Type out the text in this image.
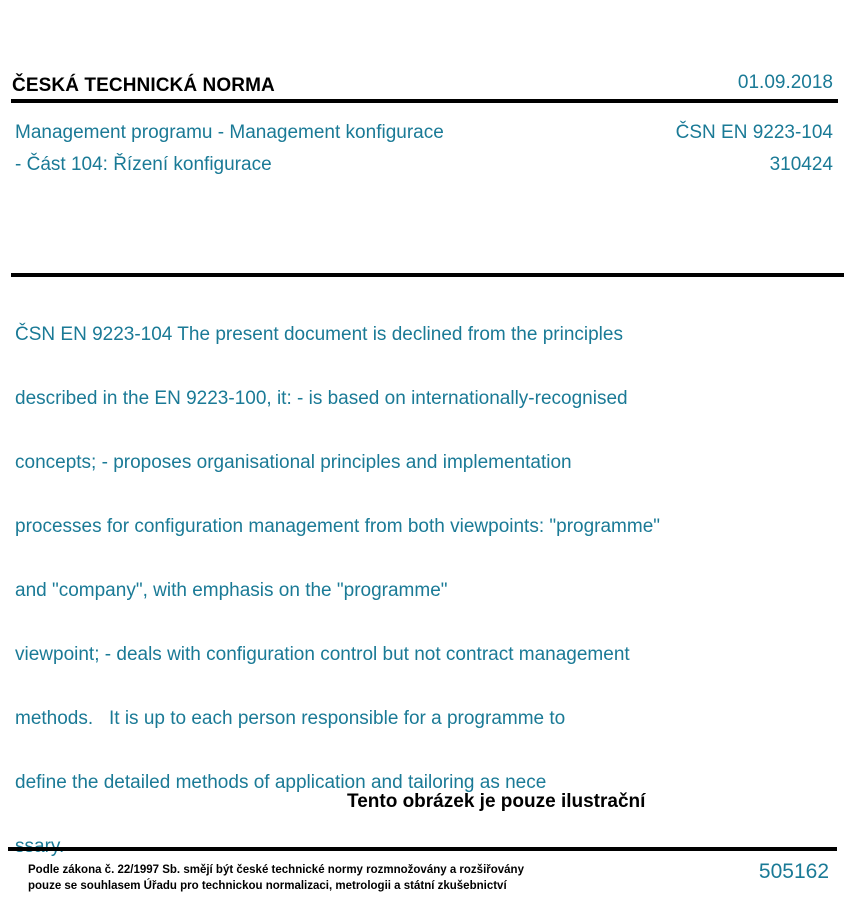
ČESKÁ TECHNICKÁ NORMA	01.09.2018
Management programu - Management konfigurace
- Část 104: Řízení konfigurace
ČSN EN 9223-104
310424

ČSN EN 9223-104 The present document is declined from the principles

described in the EN 9223-100, it: - is based on internationally-recognised

concepts; - proposes organisational principles and implementation

processes for configuration management from both viewpoints: "programme"

and "company", with emphasis on the "programme"

viewpoint; - deals with configuration control but not contract management

methods.   It is up to each person responsible for a programme to

define the detailed methods of application and tailoring as nece

Tento obrázek je pouze ilustrační
Podle zákona č. 22/1997 Sb. smějí být české technické normy rozmnožovány a rozšiřovány
pouze se souhlasem Úřadu pro technickou normalizaci, metrologii a státní zkušebnictví
505162
